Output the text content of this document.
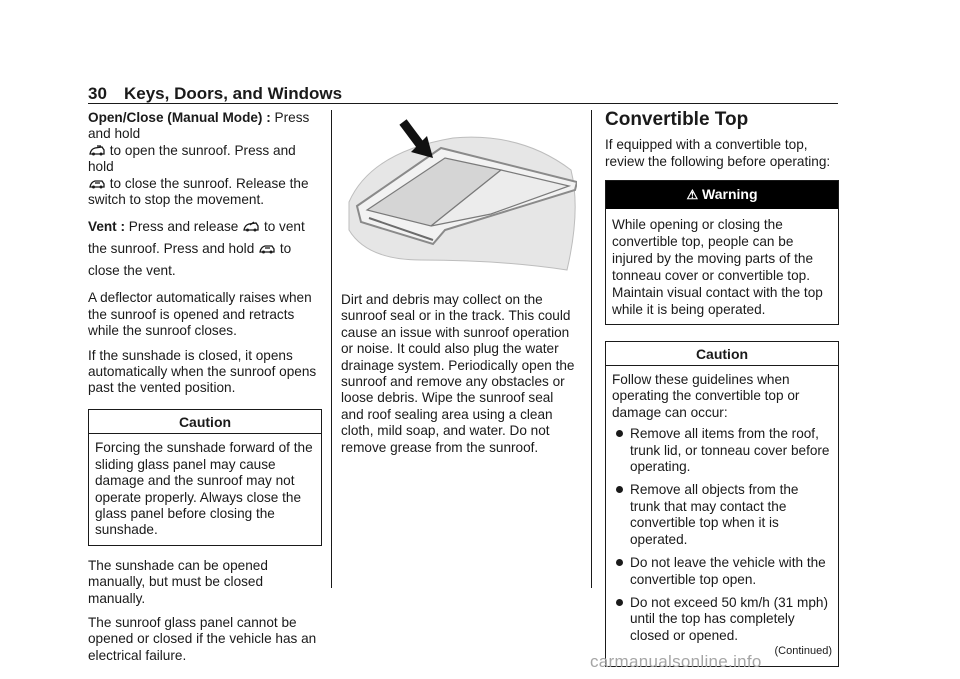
30 Keys, Doors, and Windows

Open/Close (Manual Mode) : Press and hold
to open the sunroof. Press and hold
to close the sunroof. Release the switch to stop the movement.

Vent : Press and release to vent the sunroof. Press and hold to close the vent.

A deflector automatically raises when the sunroof is opened and retracts while the sunroof closes.

If the sunshade is closed, it opens automatically when the sunroof opens past the vented position.

Caution

Forcing the sunshade forward of the sliding glass panel may cause damage and the sunroof may not operate properly. Always close the glass panel before closing the sunshade.

The sunshade can be opened manually, but must be closed manually.

The sunroof glass panel cannot be opened or closed if the vehicle has an electrical failure.

Dirt and debris may collect on the sunroof seal or in the track. This could cause an issue with sunroof operation or noise. It could also plug the water drainage system. Periodically open the sunroof and remove any obstacles or loose debris. Wipe the sunroof seal and roof sealing area using a clean cloth, mild soap, and water. Do not remove grease from the sunroof.

Convertible Top

If equipped with a convertible top, review the following before operating:

⚠ Warning

While opening or closing the convertible top, people can be injured by the moving parts of the tonneau cover or convertible top. Maintain visual contact with the top while it is being operated.

Caution

Follow these guidelines when operating the convertible top or damage can occur:

Remove all items from the roof, trunk lid, or tonneau cover before operating.
Remove all objects from the trunk that may contact the convertible top when it is operated.
Do not leave the vehicle with the convertible top open.
Do not exceed 50 km/h (31 mph) until the top has completely closed or opened.
(Continued)
carmanualsonline.info
